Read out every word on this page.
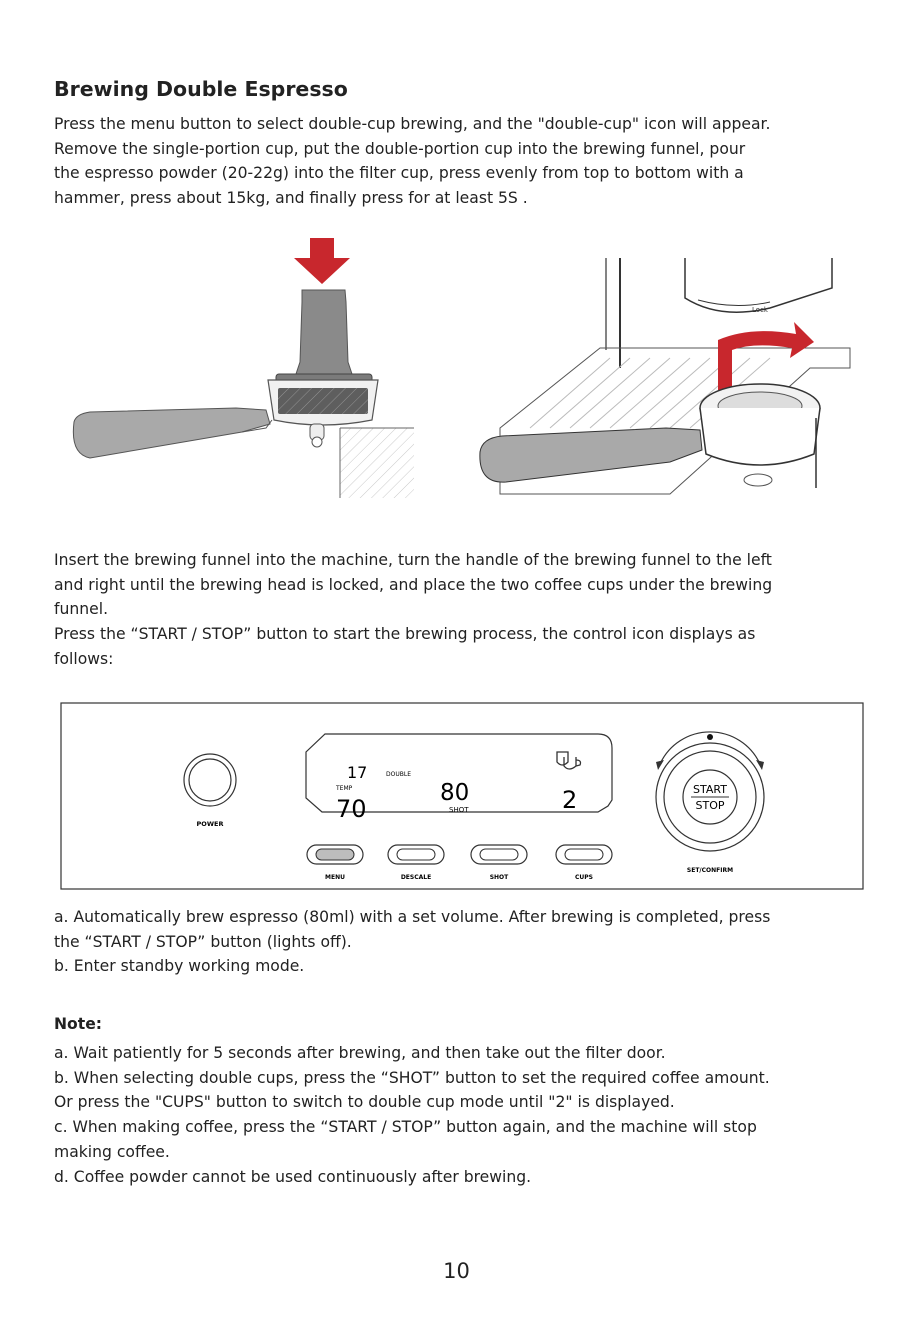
Brewing Double Espresso

Press the menu button to select double-cup brewing, and the "double-cup" icon will appear.
Remove the single-portion cup, put the double-portion cup into the brewing funnel, pour
the espresso powder (20-22g) into the filter cup, press evenly from top to bottom with a
hammer, press about 15kg, and finally press for at least 5S .

Lock

Insert the brewing funnel into the machine, turn the handle of the brewing funnel to the left
and right until the brewing head is locked, and place the two coffee cups under the brewing
funnel.
Press the “START / STOP” button to start the brewing process, the control icon displays as
follows:

POWER
17
TEMP
70
DOUBLE
80
SHOT	2
MENU	DESCALE	SHOT	CUPS
START
STOP
SET/CONFIRM

a. Automatically brew espresso (80ml) with a set volume. After brewing is completed, press
the “START / STOP” button (lights off).
b. Enter standby working mode.

Note:

a. Wait patiently for 5 seconds after brewing, and then take out the filter door.
b. When selecting double cups, press the “SHOT” button to set the required coffee amount.
Or press the "CUPS" button to switch to double cup mode until "2" is displayed.
c. When making coffee, press the “START / STOP” button again, and the machine will stop
making coffee.
d. Coffee powder cannot be used continuously after brewing.

10
